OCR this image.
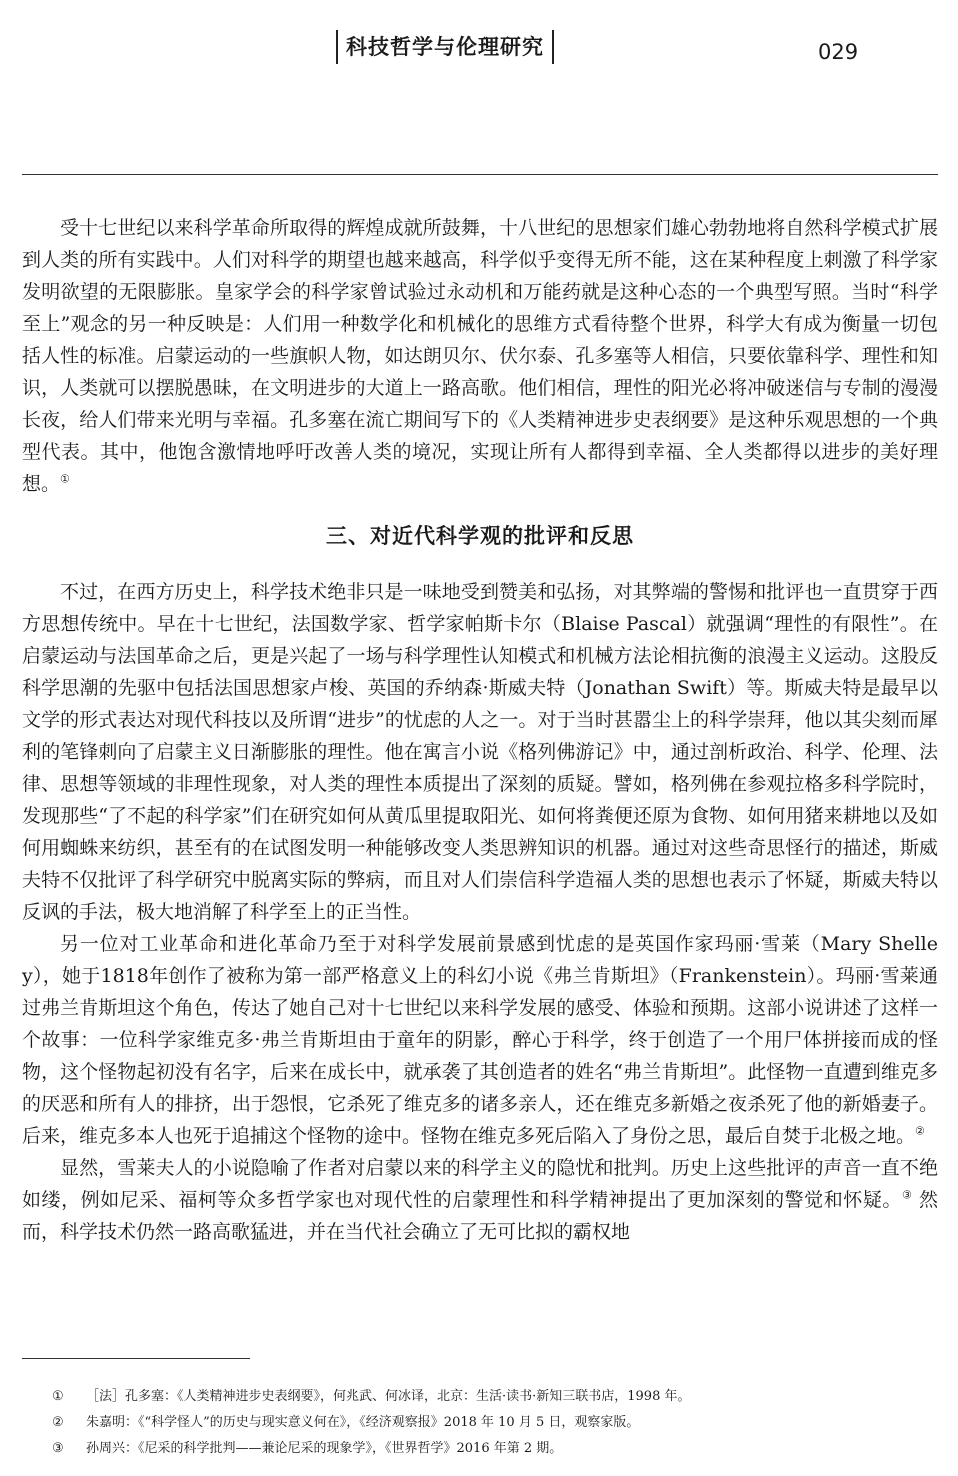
科技哲学与伦理研究	029

受十七世纪以来科学革命所取得的辉煌成就所鼓舞，十八世纪的思想家们雄心勃勃地将自然科学模式扩展到人类的所有实践中。人们对科学的期望也越来越高，科学似乎变得无所不能，这在某种程度上刺激了科学家发明欲望的无限膨胀。皇家学会的科学家曾试验过永动机和万能药就是这种心态的一个典型写照。当时“科学至上”观念的另一种反映是：人们用一种数学化和机械化的思维方式看待整个世界，科学大有成为衡量一切包括人性的标准。启蒙运动的一些旗帜人物，如达朗贝尔、伏尔泰、孔多塞等人相信，只要依靠科学、理性和知识，人类就可以摆脱愚昧，在文明进步的大道上一路高歌。他们相信，理性的阳光必将冲破迷信与专制的漫漫长夜，给人们带来光明与幸福。孔多塞在流亡期间写下的《人类精神进步史表纲要》是这种乐观思想的一个典型代表。其中，他饱含激情地呼吁改善人类的境况，实现让所有人都得到幸福、全人类都得以进步的美好理想。①

三、对近代科学观的批评和反思

不过，在西方历史上，科学技术绝非只是一味地受到赞美和弘扬，对其弊端的警惕和批评也一直贯穿于西方思想传统中。早在十七世纪，法国数学家、哲学家帕斯卡尔（Blaise Pascal）就强调“理性的有限性”。在启蒙运动与法国革命之后，更是兴起了一场与科学理性认知模式和机械方法论相抗衡的浪漫主义运动。这股反科学思潮的先驱中包括法国思想家卢梭、英国的乔纳森·斯威夫特（Jonathan Swift）等。斯威夫特是最早以文学的形式表达对现代科技以及所谓“进步”的忧虑的人之一。对于当时甚嚣尘上的科学崇拜，他以其尖刻而犀利的笔锋刺向了启蒙主义日渐膨胀的理性。他在寓言小说《格列佛游记》中，通过剖析政治、科学、伦理、法律、思想等领域的非理性现象，对人类的理性本质提出了深刻的质疑。譬如，格列佛在参观拉格多科学院时，发现那些“了不起的科学家”们在研究如何从黄瓜里提取阳光、如何将粪便还原为食物、如何用猪来耕地以及如何用蜘蛛来纺织，甚至有的在试图发明一种能够改变人类思辨知识的机器。通过对这些奇思怪行的描述，斯威夫特不仅批评了科学研究中脱离实际的弊病，而且对人们崇信科学造福人类的思想也表示了怀疑，斯威夫特以反讽的手法，极大地消解了科学至上的正当性。

另一位对工业革命和进化革命乃至于对科学发展前景感到忧虑的是英国作家玛丽·雪莱（Mary Shelley），她于1818年创作了被称为第一部严格意义上的科幻小说《弗兰肯斯坦》（Frankenstein）。玛丽·雪莱通过弗兰肯斯坦这个角色，传达了她自己对十七世纪以来科学发展的感受、体验和预期。这部小说讲述了这样一个故事：一位科学家维克多·弗兰肯斯坦由于童年的阴影，醉心于科学，终于创造了一个用尸体拼接而成的怪物，这个怪物起初没有名字，后来在成长中，就承袭了其创造者的姓名“弗兰肯斯坦”。此怪物一直遭到维克多的厌恶和所有人的排挤，出于怨恨，它杀死了维克多的诸多亲人，还在维克多新婚之夜杀死了他的新婚妻子。后来，维克多本人也死于追捕这个怪物的途中。怪物在维克多死后陷入了身份之思，最后自焚于北极之地。②

显然，雪莱夫人的小说隐喻了作者对启蒙以来的科学主义的隐忧和批判。历史上这些批评的声音一直不绝如缕，例如尼采、福柯等众多哲学家也对现代性的启蒙理性和科学精神提出了更加深刻的警觉和怀疑。③ 然而，科学技术仍然一路高歌猛进，并在当代社会确立了无可比拟的霸权地

①	［法］孔多塞：《人类精神进步史表纲要》，何兆武、何冰译，北京：生活·读书·新知三联书店，1998 年。
②	朱嘉明：《“科学怪人”的历史与现实意义何在》，《经济观察报》2018 年 10 月 5 日，观察家版。
③	孙周兴：《尼采的科学批判——兼论尼采的现象学》，《世界哲学》2016 年第 2 期。
